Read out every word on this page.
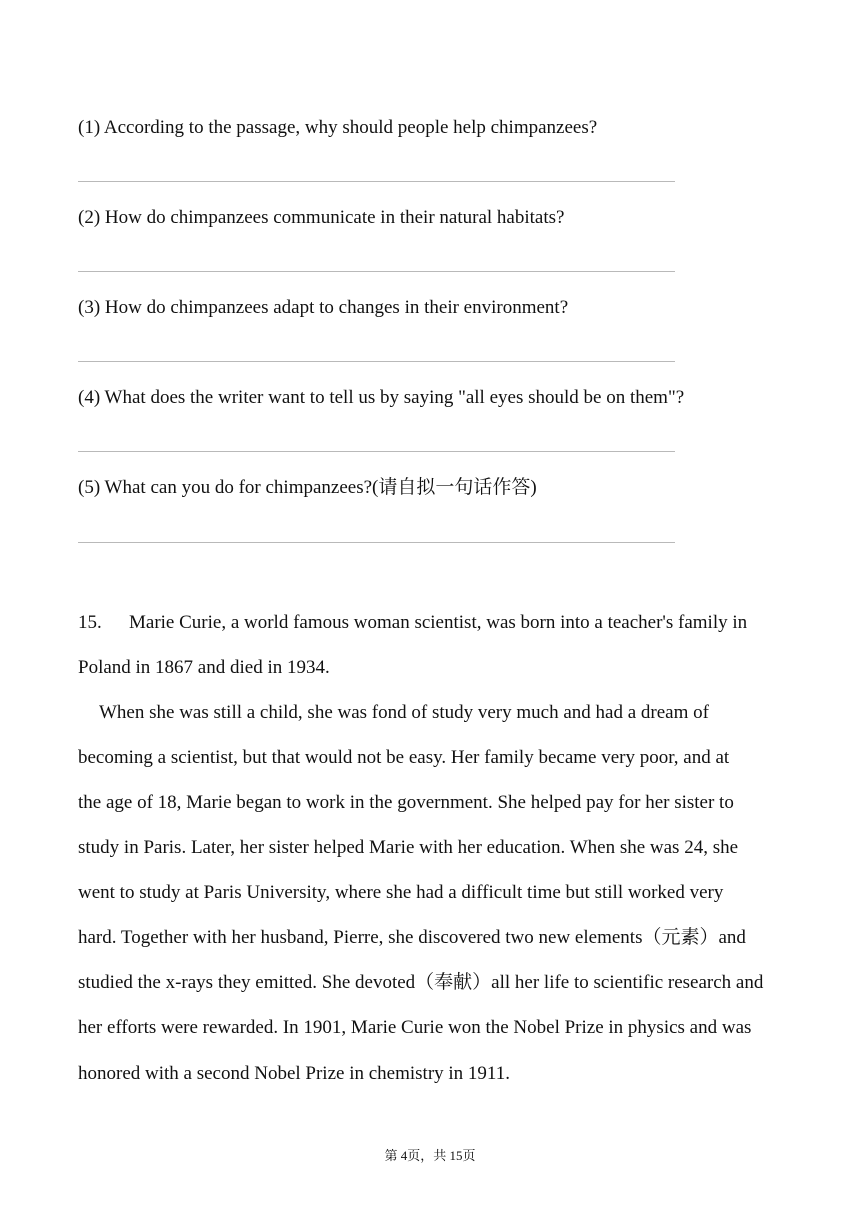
(1) According to the passage, why should people help chimpanzees?
(2) How do chimpanzees communicate in their natural habitats?
(3) How do chimpanzees adapt to changes in their environment?
(4) What does the writer want to tell us by saying "all eyes should be on them"?
(5) What can you do for chimpanzees?(请自拟一句话作答)
15. Marie Curie, a world famous woman scientist, was born into a teacher's family in
Poland in 1867 and died in 1934.
When she was still a child, she was fond of study very much and had a dream of
becoming a scientist, but that would not be easy. Her family became very poor, and at
the age of 18, Marie began to work in the government. She helped pay for her sister to
study in Paris. Later, her sister helped Marie with her education. When she was 24, she
went to study at Paris University, where she had a difficult time but still worked very
hard. Together with her husband, Pierre, she discovered two new elements（元素）and
studied the x-rays they emitted. She devoted（奉献）all her life to scientific research and
her efforts were rewarded. In 1901, Marie Curie won the Nobel Prize in physics and was
honored with a second Nobel Prize in chemistry in 1911.
第 4页，共 15页
